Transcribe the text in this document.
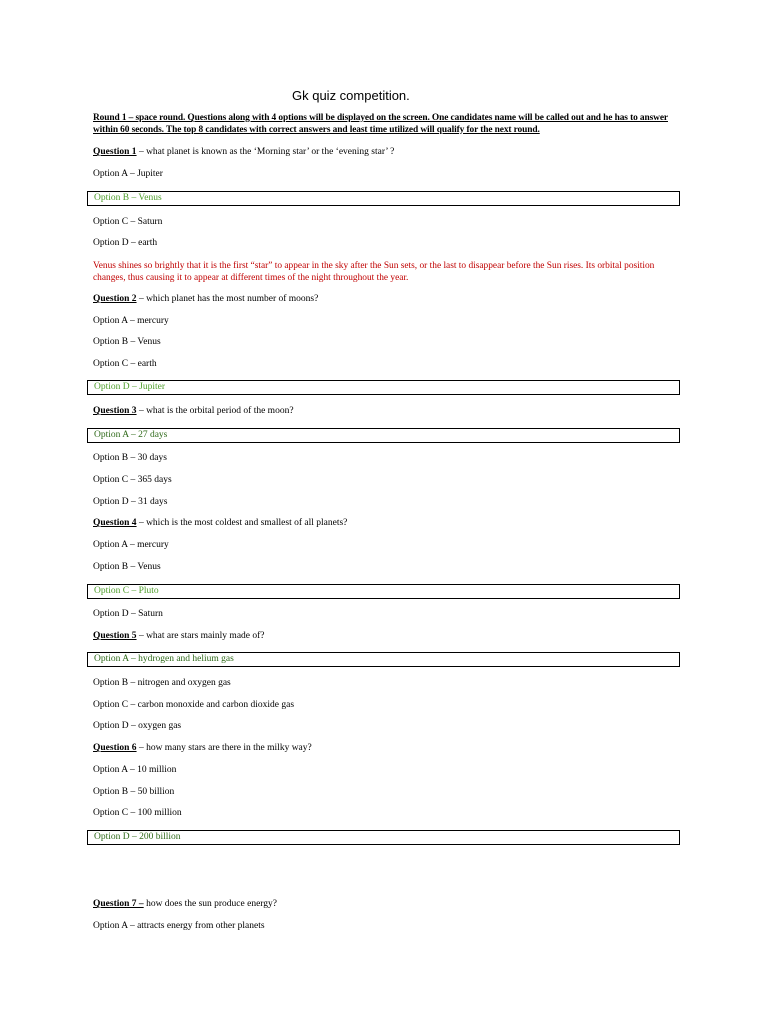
Gk quiz competition.
Round 1 – space round. Questions along with 4 options will be displayed on the screen. One candidates name will be called out and he has to answer within 60 seconds. The top 8 candidates with correct answers and least time utilized will qualify for the next round.
Question 1 – what planet is known as the ‘Morning star’ or the ‘evening star’ ?
Option A – Jupiter
Option B – Venus
Option C – Saturn
Option D – earth
Venus shines so brightly that it is the first “star” to appear in the sky after the Sun sets, or the last to disappear before the Sun rises. Its orbital position changes, thus causing it to appear at different times of the night throughout the year.
Question 2 – which planet has the most number of moons?
Option A – mercury
Option B – Venus
Option C – earth
Option D – Jupiter
Question 3 – what is the orbital period of the moon?
Option A – 27 days
Option B – 30 days
Option C – 365 days
Option D – 31 days
Question 4 – which is the most coldest and smallest of all planets?
Option A – mercury
Option B – Venus
Option C – Pluto
Option D – Saturn
Question 5 – what are stars mainly made of?
Option A – hydrogen and helium gas
Option B – nitrogen and oxygen gas
Option C – carbon monoxide and carbon dioxide gas
Option D – oxygen gas
Question 6 – how many stars are there in the milky way?
Option A – 10 million
Option B – 50 billion
Option C – 100 million
Option D – 200 billion
Question 7 – how does the sun produce energy?
Option A – attracts energy from other planets
